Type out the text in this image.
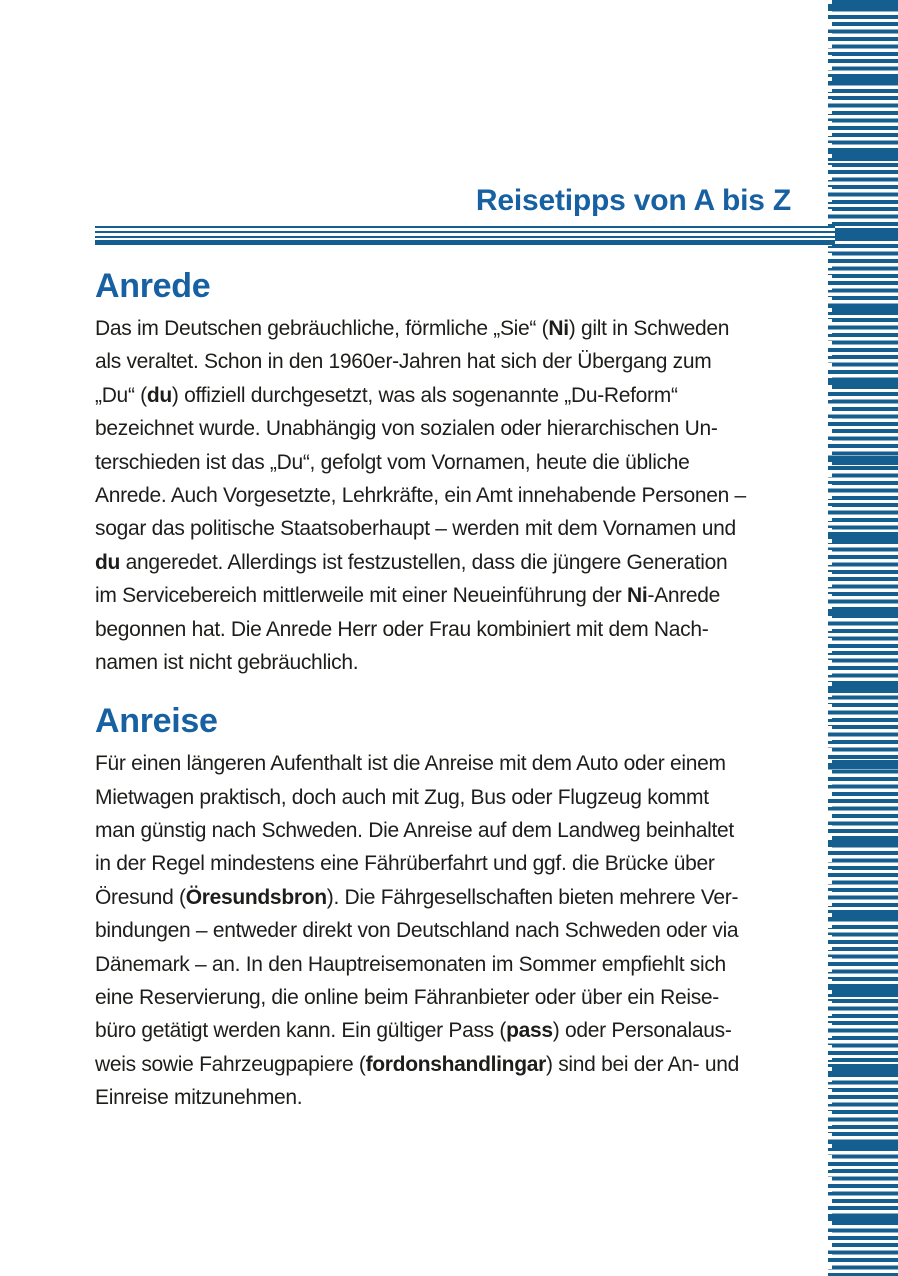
Reisetipps von A bis Z
Anrede
Das im Deutschen gebräuchliche, förmliche „Sie“ (Ni) gilt in Schweden
als veraltet. Schon in den 1960er-Jahren hat sich der Übergang zum
„Du“ (du) offiziell durchgesetzt, was als sogenannte „Du-Reform“
bezeichnet wurde. Unabhängig von sozialen oder hierarchischen Un-
terschieden ist das „Du“, gefolgt vom Vornamen, heute die übliche
Anrede. Auch Vorgesetzte, Lehrkräfte, ein Amt innehabende Personen –
sogar das politische Staatsoberhaupt – werden mit dem Vornamen und
du angeredet. Allerdings ist festzustellen, dass die jüngere Generation
im Servicebereich mittlerweile mit einer Neueinführung der Ni-Anrede
begonnen hat. Die Anrede Herr oder Frau kombiniert mit dem Nach-
namen ist nicht gebräuchlich.
Anreise
Für einen längeren Aufenthalt ist die Anreise mit dem Auto oder einem
Mietwagen praktisch, doch auch mit Zug, Bus oder Flugzeug kommt
man günstig nach Schweden. Die Anreise auf dem Landweg beinhaltet
in der Regel mindestens eine Fährüberfahrt und ggf. die Brücke über
Öresund (Öresundsbron). Die Fährgesellschaften bieten mehrere Ver-
bindungen – entweder direkt von Deutschland nach Schweden oder via
Dänemark – an. In den Hauptreisemonaten im Sommer empfiehlt sich
eine Reservierung, die online beim Fähranbieter oder über ein Reise-
büro getätigt werden kann. Ein gültiger Pass (pass) oder Personalaus-
weis sowie Fahrzeugpapiere (fordonshandlingar) sind bei der An- und
Einreise mitzunehmen.
